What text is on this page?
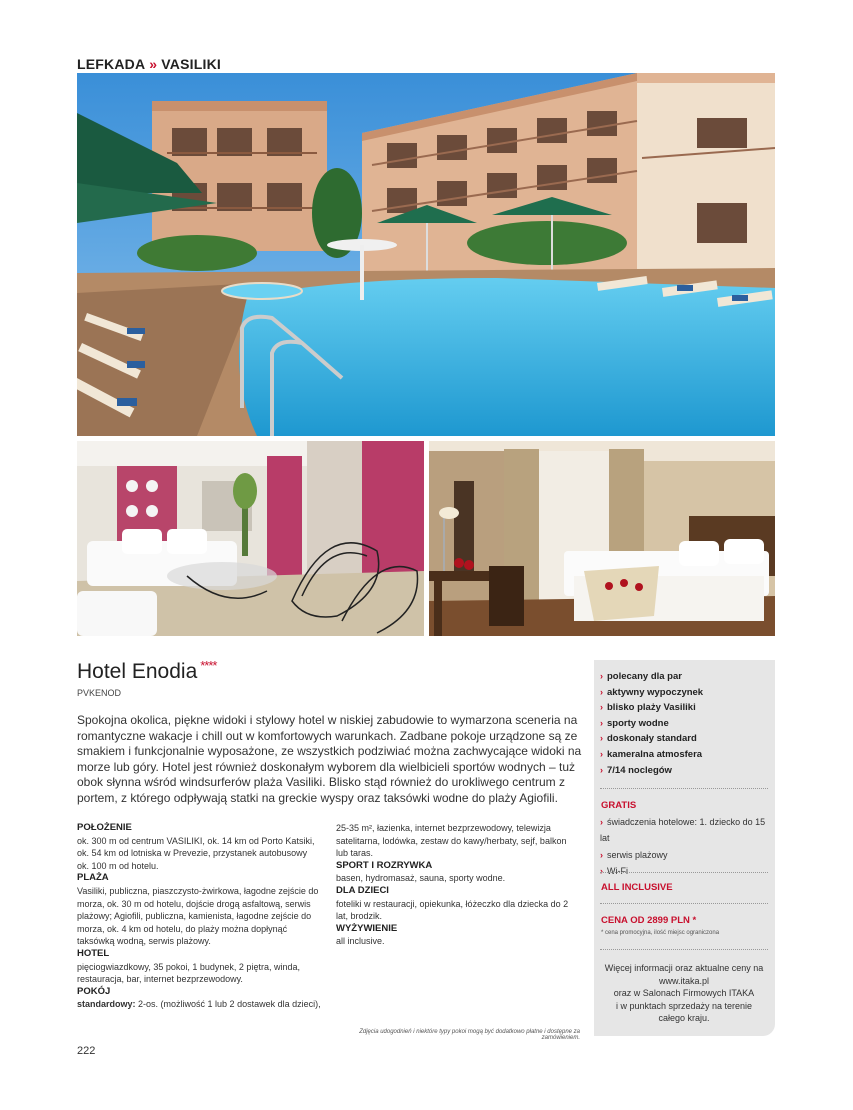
LEFKADA » VASILIKI
Hotel Enodia ****
PVKENOD
Spokojna okolica, piękne widoki i stylowy hotel w niskiej zabudowie to wymarzona sceneria na romantyczne wakacje i chill out w komfortowych warunkach. Zadbane pokoje urządzone są ze smakiem i funkcjonalnie wyposażone, ze wszystkich podziwiać można zachwycające widoki na morze lub góry. Hotel jest również doskonałym wyborem dla wielbicieli sportów wodnych – tuż obok słynna wśród windsurferów plaża Vasiliki. Blisko stąd również do urokliwego centrum z portem, z którego odpływają statki na greckie wyspy oraz taksówki wodne do plaży Agiofili.
POŁOŻENIE

ok. 300 m od centrum VASILIKI, ok. 14 km od Porto Katsiki, ok. 54 km od lotniska w Prevezie, przystanek autobusowy ok. 100 m od hotelu.

PLAŻA

Vasiliki, publiczna, piaszczysto-żwirkowa, łagodne zejście do morza, ok. 30 m od hotelu, dojście drogą asfaltową, serwis plażowy; Agiofili, publiczna, kamienista, łagodne zejście do morza, ok. 4 km od hotelu, do plaży można dopłynąć taksówką wodną, serwis plażowy.

HOTEL

pięciogwiazdkowy, 35 pokoi, 1 budynek, 2 piętra, winda, restauracja, bar, internet bezprzewodowy.

POKÓJ

standardowy: 2-os. (możliwość 1 lub 2 dostawek dla dzieci),

25-35 m², łazienka, internet bezprzewodowy, telewizja satelitarna, lodówka, zestaw do kawy/herbaty, sejf, balkon lub taras.

SPORT I ROZRYWKA

basen, hydromasaż, sauna, sporty wodne.

DLA DZIECI

foteliki w restauracji, opiekunka, łóżeczko dla dziecka do 2 lat, brodzik.

WYŻYWIENIE

all inclusive.

Zdjęcia udogodnień i niektóre typy pokoi mogą być dodatkowo płatne i dostępne za zamówieniem.
222
› polecany dla par
› aktywny wypoczynek
› blisko plaży Vasiliki
› sporty wodne
› doskonały standard
› kameralna atmosfera
› 7/14 noclegów
GRATIS
› świadczenia hotelowe: 1. dziecko do 15 lat
› serwis plażowy
› Wi-Fi
ALL INCLUSIVE
CENA OD 2899 PLN *
* cena promocyjna, ilość miejsc ograniczona
Więcej informacji oraz aktualne ceny na
www.itaka.pl
oraz w Salonach Firmowych ITAKA
i w punktach sprzedaży na terenie
całego kraju.
